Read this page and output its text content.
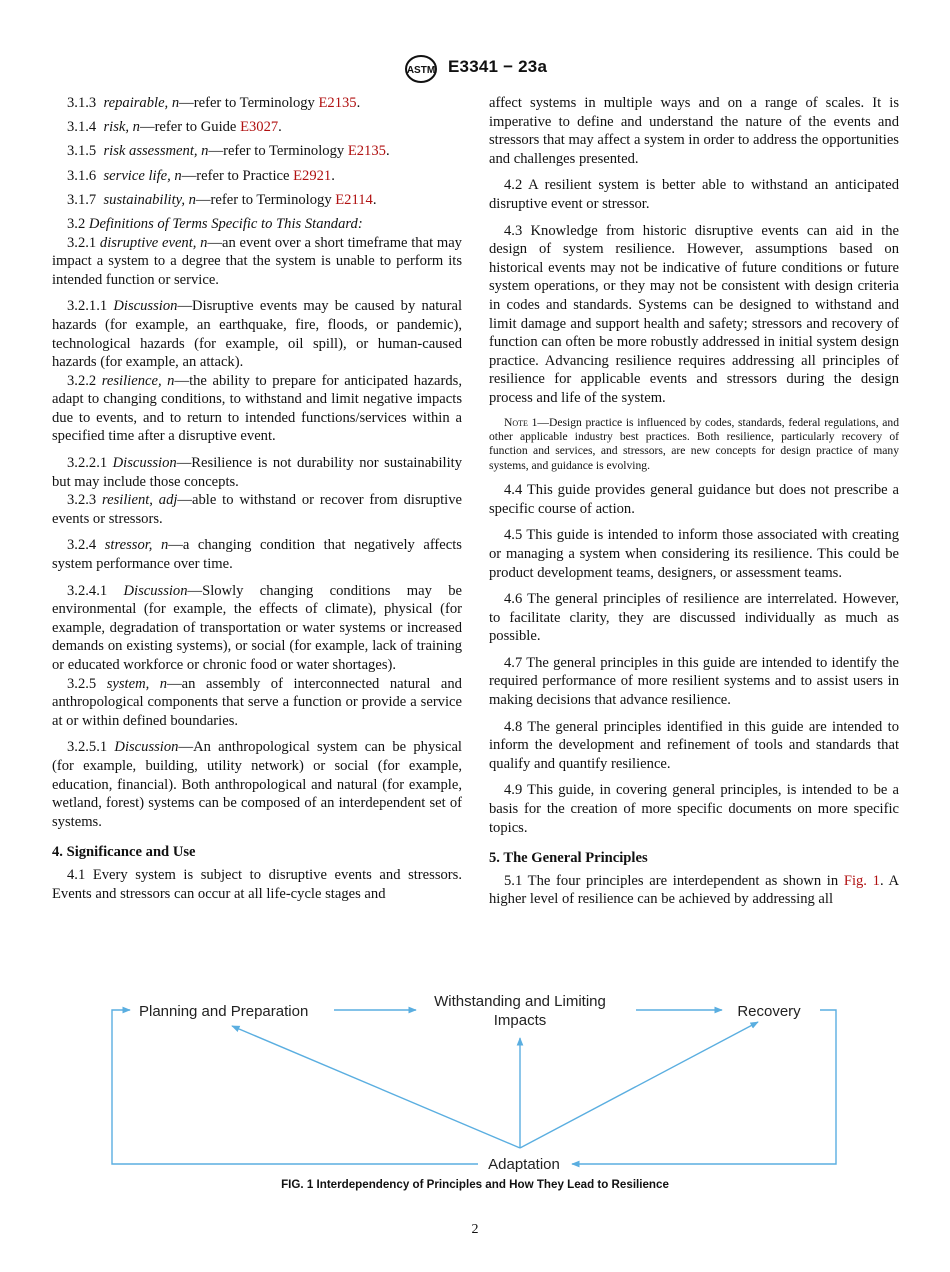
ASTM E3341 − 23a

3.1.3 repairable, n—refer to Terminology E2135.

3.1.4 risk, n—refer to Guide E3027.

3.1.5 risk assessment, n—refer to Terminology E2135.

3.1.6 service life, n—refer to Practice E2921.

3.1.7 sustainability, n—refer to Terminology E2114.

3.2 Definitions of Terms Specific to This Standard:

3.2.1 disruptive event, n—an event over a short timeframe that may impact a system to a degree that the system is unable to perform its intended function or service.

3.2.1.1 Discussion—Disruptive events may be caused by natural hazards (for example, an earthquake, fire, floods, or pandemic), technological hazards (for example, oil spill), or human-caused hazards (for example, an attack).

3.2.2 resilience, n—the ability to prepare for anticipated hazards, adapt to changing conditions, to withstand and limit negative impacts due to events, and to return to intended functions/services within a specified time after a disruptive event.

3.2.2.1 Discussion—Resilience is not durability nor sustainability but may include those concepts.

3.2.3 resilient, adj—able to withstand or recover from disruptive events or stressors.

3.2.4 stressor, n—a changing condition that negatively affects system performance over time.

3.2.4.1 Discussion—Slowly changing conditions may be environmental (for example, the effects of climate), physical (for example, degradation of transportation or water systems or increased demands on existing systems), or social (for example, lack of training or educated workforce or chronic food or water shortages).

3.2.5 system, n—an assembly of interconnected natural and anthropological components that serve a function or provide a service at or within defined boundaries.

3.2.5.1 Discussion—An anthropological system can be physical (for example, building, utility network) or social (for example, education, financial). Both anthropological and natural (for example, wetland, forest) systems can be composed of an interdependent set of systems.

4. Significance and Use

4.1 Every system is subject to disruptive events and stressors. Events and stressors can occur at all life-cycle stages and

affect systems in multiple ways and on a range of scales. It is imperative to define and understand the nature of the events and stressors that may affect a system in order to address the opportunities and challenges presented.

4.2 A resilient system is better able to withstand an anticipated disruptive event or stressor.

4.3 Knowledge from historic disruptive events can aid in the design of system resilience. However, assumptions based on historical events may not be indicative of future conditions or future system operations, or they may not be consistent with design criteria in codes and standards. Systems can be designed to withstand and limit damage and support health and safety; stressors and recovery of function can often be more robustly addressed in initial system design practice. Advancing resilience requires addressing all principles of resilience for applicable events and stressors during the design process and life of the system.

Note 1—Design practice is influenced by codes, standards, federal regulations, and other applicable industry best practices. Both resilience, particularly recovery of function and services, and stressors, are new concepts for design practice of many systems, and guidance is evolving.

4.4 This guide provides general guidance but does not prescribe a specific course of action.

4.5 This guide is intended to inform those associated with creating or managing a system when considering its resilience. This could be product development teams, designers, or assessment teams.

4.6 The general principles of resilience are interrelated. However, to facilitate clarity, they are discussed individually as much as possible.

4.7 The general principles in this guide are intended to identify the required performance of more resilient systems and to assist users in making decisions that advance resilience.

4.8 The general principles identified in this guide are intended to inform the development and refinement of tools and standards that qualify and quantify resilience.

4.9 This guide, in covering general principles, is intended to be a basis for the creation of more specific documents on more specific topics.

5. The General Principles

5.1 The four principles are interdependent as shown in Fig. 1. A higher level of resilience can be achieved by addressing all

Planning and Preparation
Withstanding and Limiting
Impacts
Recovery
Adaptation
FIG. 1 Interdependency of Principles and How They Lead to Resilience
2
